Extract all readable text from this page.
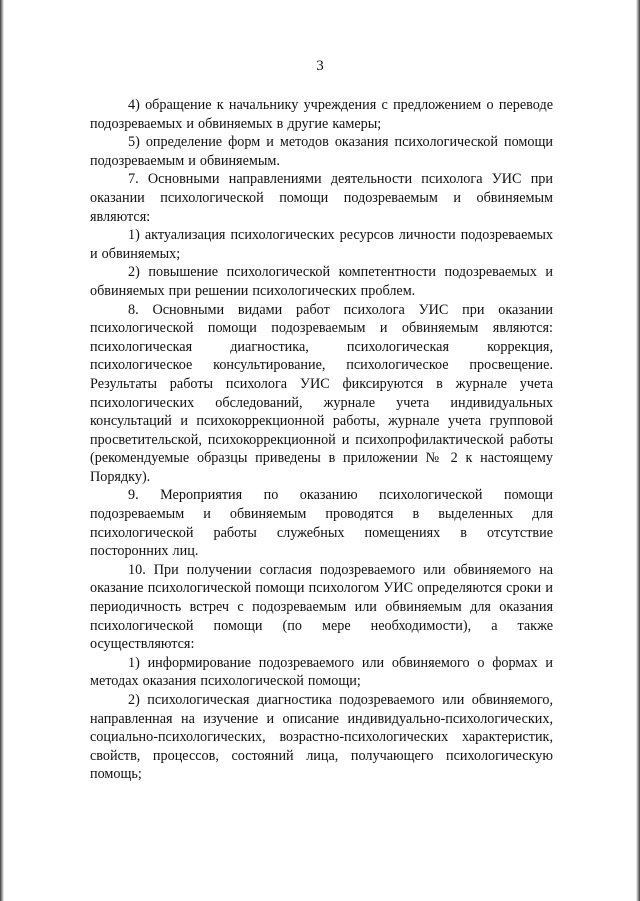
3

4) обращение к начальнику учреждения с предложением о переводе подозреваемых и обвиняемых в другие камеры;

5) определение форм и методов оказания психологической помощи подозреваемым и обвиняемым.

7. Основными направлениями деятельности психолога УИС при оказании психологической помощи подозреваемым и обвиняемым являются:

1) актуализация психологических ресурсов личности подозреваемых и обвиняемых;

2) повышение психологической компетентности подозреваемых и обвиняемых при решении психологических проблем.

8. Основными видами работ психолога УИС при оказании психологической помощи подозреваемым и обвиняемым являются: психологическая диагностика, психологическая коррекция, психологическое консультирование, психологическое просвещение. Результаты работы психолога УИС фиксируются в журнале учета психологических обследований, журнале учета индивидуальных консультаций и психокоррекционной работы, журнале учета групповой просветительской, психокоррекционной и психопрофилактической работы (рекомендуемые образцы приведены в приложении № 2 к настоящему Порядку).

9. Мероприятия по оказанию психологической помощи подозреваемым и обвиняемым проводятся в выделенных для психологической работы служебных помещениях в отсутствие посторонних лиц.

10. При получении согласия подозреваемого или обвиняемого на оказание психологической помощи психологом УИС определяются сроки и периодичность встреч с подозреваемым или обвиняемым для оказания психологической помощи (по мере необходимости), а также осуществляются:

1) информирование подозреваемого или обвиняемого о формах и методах оказания психологической помощи;

2) психологическая диагностика подозреваемого или обвиняемого, направленная на изучение и описание индивидуально-психологических, социально-психологических, возрастно-психологических характеристик, свойств, процессов, состояний лица, получающего психологическую помощь;
